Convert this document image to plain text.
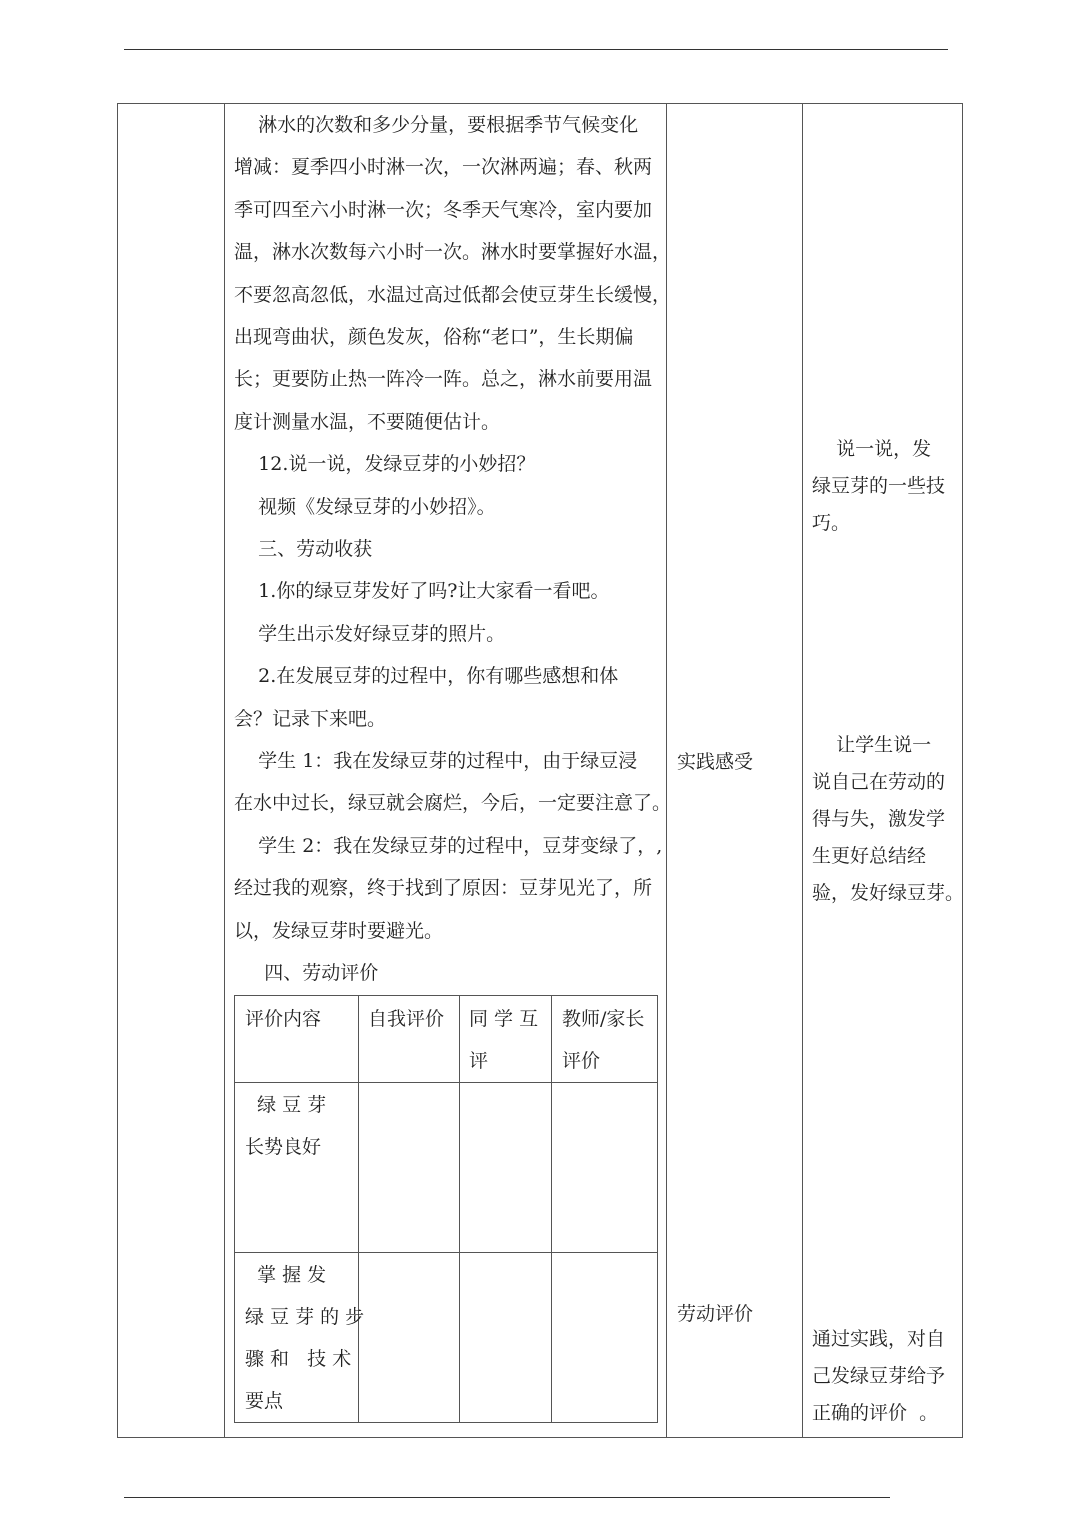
淋水的次数和多少分量，要根据季节气候变化
增减：夏季四小时淋一次，一次淋两遍；春、秋两
季可四至六小时淋一次；冬季天气寒冷，室内要加
温，淋水次数每六小时一次。淋水时要掌握好水温，
不要忽高忽低，水温过高过低都会使豆芽生长缓慢，
出现弯曲状，颜色发灰，俗称“老口”，生长期偏
长；更要防止热一阵冷一阵。总之，淋水前要用温
度计测量水温，不要随便估计。
12.说一说，发绿豆芽的小妙招？
视频《发绿豆芽的小妙招》。
三、劳动收获
1.你的绿豆芽发好了吗?让大家看一看吧。
学生出示发好绿豆芽的照片。
2.在发展豆芽的过程中，你有哪些感想和体
会？记录下来吧。
学生 1：我在发绿豆芽的过程中，由于绿豆浸
在水中过长，绿豆就会腐烂，今后，一定要注意了。
学生 2：我在发绿豆芽的过程中，豆芽变绿了，,
经过我的观察，终于找到了原因：豆芽见光了，所
以，发绿豆芽时要避光。
四、劳动评价
实践感受
劳动评价
说一说，发
绿豆芽的一些技
巧。
让学生说一
说自己在劳动的
得与失，激发学
生更好总结经
验，发好绿豆芽。
通过实践，对自
己发绿豆芽给予
正确的评价  。
评价内容 自我评价 同 学 互
评
教师/家长
评价
绿 豆 芽
长势良好
掌 握 发
绿 豆 芽 的 步
骤 和   技 术
要点
